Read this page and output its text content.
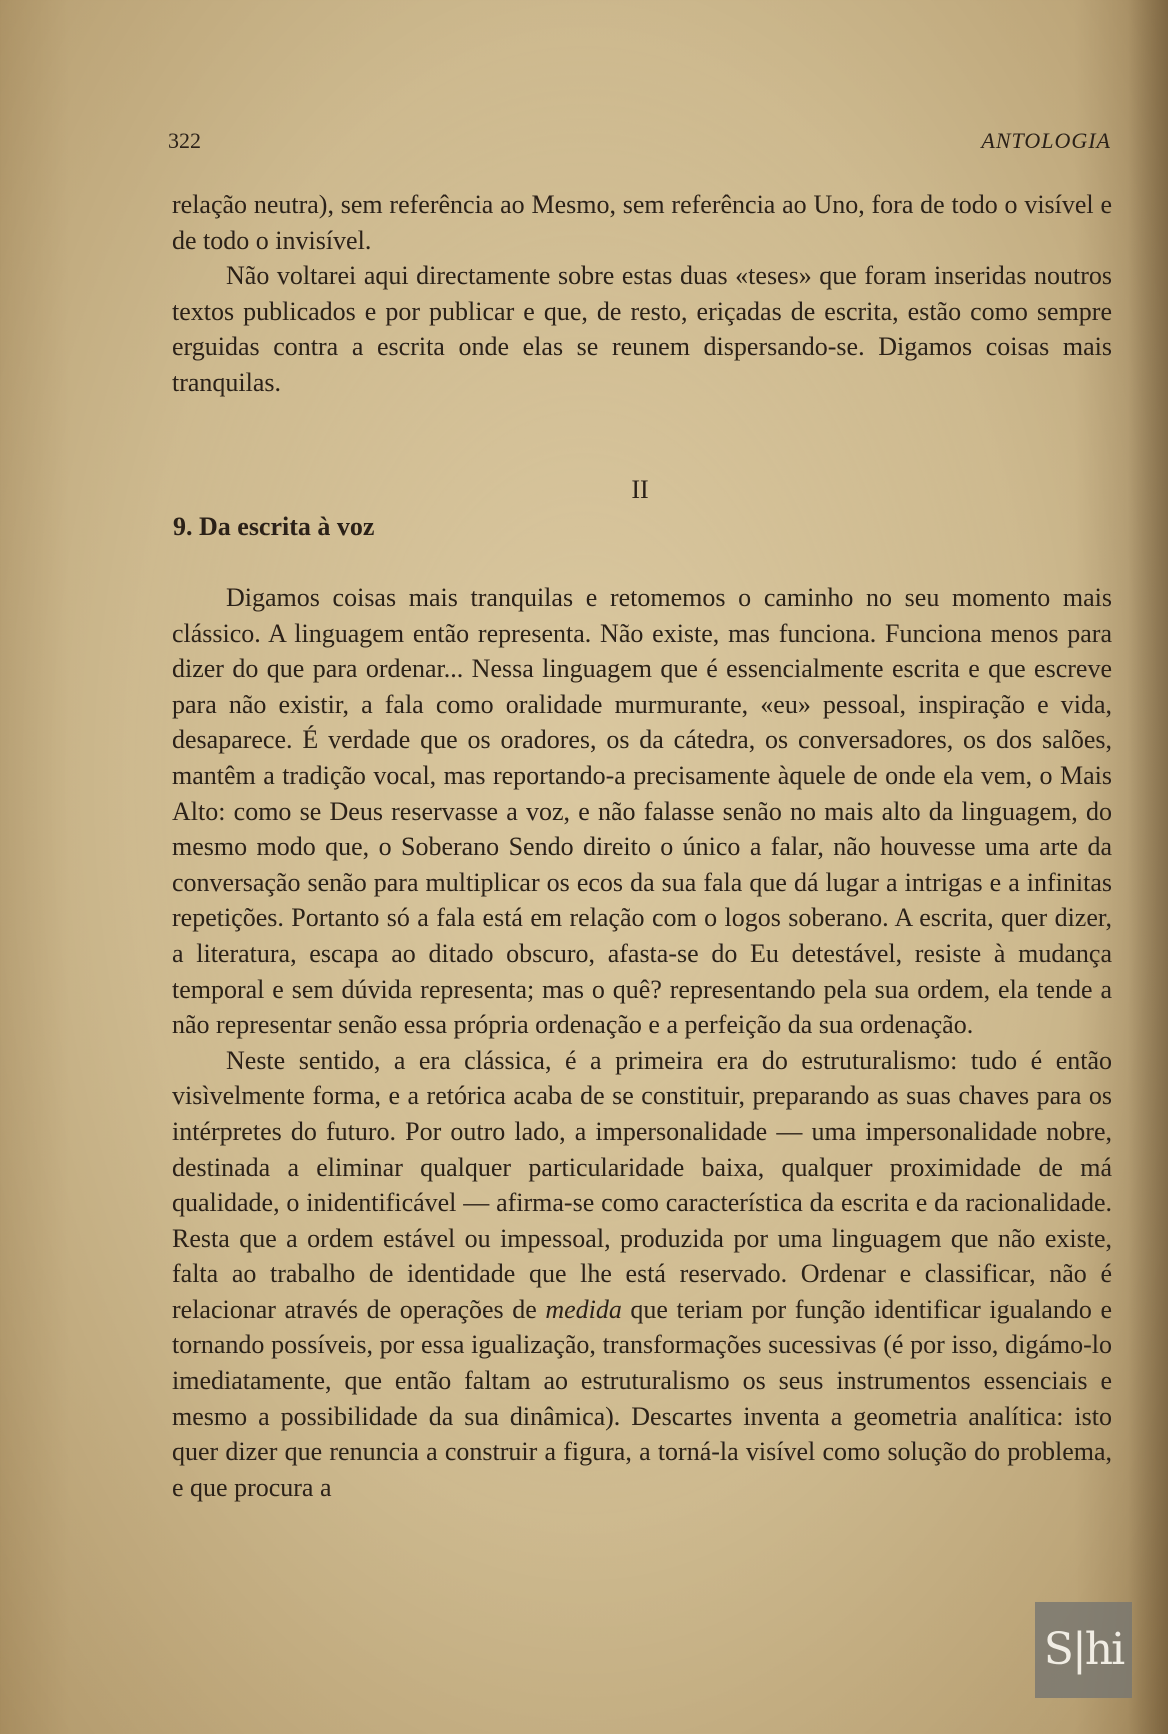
322	ANTOLOGIA

relação neutra), sem referência ao Mesmo, sem referência ao Uno, fora de todo o visível e de todo o invisível.

Não voltarei aqui directamente sobre estas duas «teses» que foram inseridas noutros textos publicados e por publicar e que, de resto, eriçadas de escrita, estão como sempre erguidas contra a escrita onde elas se reunem dispersando-se. Digamos coisas mais tranquilas.

II
9. Da escrita à voz

Digamos coisas mais tranquilas e retomemos o caminho no seu momento mais clássico. A linguagem então representa. Não existe, mas funciona. Funciona menos para dizer do que para ordenar... Nessa linguagem que é essencialmente escrita e que escreve para não existir, a fala como oralidade murmurante, «eu» pessoal, inspiração e vida, desaparece. É verdade que os oradores, os da cátedra, os conversadores, os dos salões, mantêm a tradição vocal, mas reportando-a precisamente àquele de onde ela vem, o Mais Alto: como se Deus reservasse a voz, e não falasse senão no mais alto da linguagem, do mesmo modo que, o Soberano Sendo direito o único a falar, não houvesse uma arte da conversação senão para multiplicar os ecos da sua fala que dá lugar a intrigas e a infinitas repetições. Portanto só a fala está em relação com o logos soberano. A escrita, quer dizer, a literatura, escapa ao ditado obscuro, afasta-se do Eu detestável, resiste à mudança temporal e sem dúvida representa; mas o quê? representando pela sua ordem, ela tende a não representar senão essa própria ordenação e a perfeição da sua ordenação.

Neste sentido, a era clássica, é a primeira era do estruturalismo: tudo é então visìvelmente forma, e a retórica acaba de se constituir, preparando as suas chaves para os intérpretes do futuro. Por outro lado, a impersonalidade — uma impersonalidade nobre, destinada a eliminar qualquer particularidade baixa, qualquer proximidade de má qualidade, o inidentificável — afirma-se como característica da escrita e da racionalidade. Resta que a ordem estável ou impessoal, produzida por uma linguagem que não existe, falta ao trabalho de identidade que lhe está reservado. Ordenar e classificar, não é relacionar através de operações de medida que teriam por função identificar igualando e tornando possíveis, por essa igualização, transformações sucessivas (é por isso, digámo-lo imediatamente, que então faltam ao estruturalismo os seus instrumentos essenciais e mesmo a possibilidade da sua dinâmica). Descartes inventa a geometria analítica: isto quer dizer que renuncia a construir a figura, a torná-la visível como solução do problema, e que procura a

S|hi
